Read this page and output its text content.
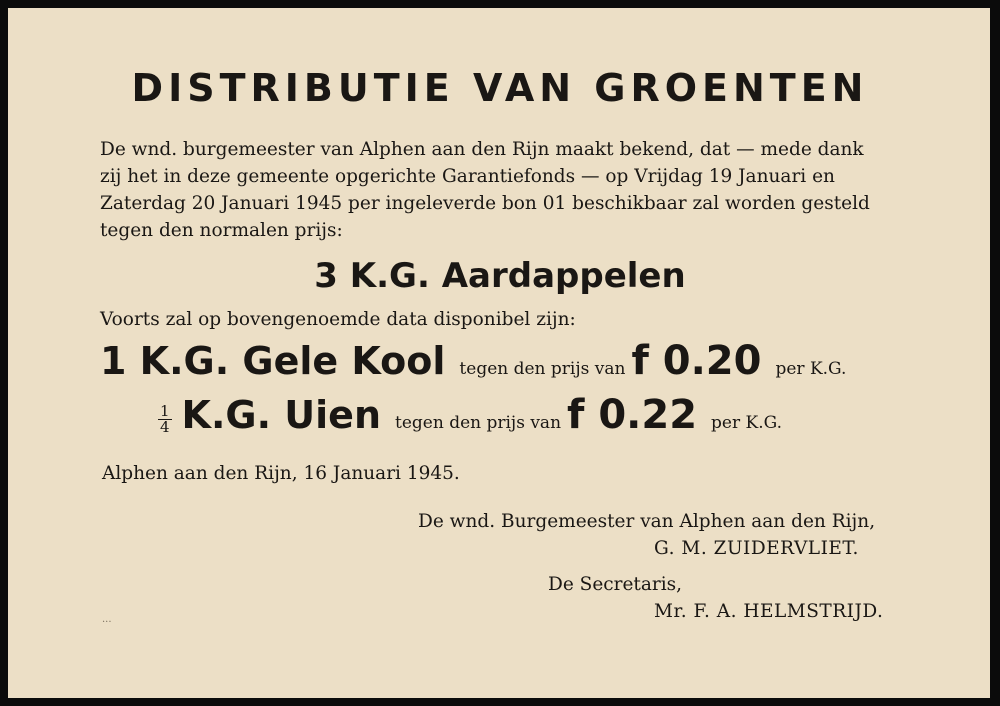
DISTRIBUTIE VAN GROENTEN
De wnd. burgemeester van Alphen aan den Rijn maakt bekend, dat — mede dank
zij het in deze gemeente opgerichte Garantiefonds — op Vrijdag 19 Januari en
Zaterdag 20 Januari 1945 per ingeleverde bon 01 beschikbaar zal worden gesteld
tegen den normalen prijs:
3 K.G. Aardappelen
Voorts zal op bovengenoemde data disponibel zijn:
1 K.G. Gele Kool tegen den prijs van f 0.20 per K.G.
$\frac{1}{4} K.G$. Uien tegen den prijs van f 0.22 per K.G.
Alphen aan den Rijn, 16 Januari 1945.
De wnd. Burgemeester van Alphen aan den Rijn,
G. M. ZUIDERVLIET.
De Secretaris,
Mr. F. A. HELMSTRIJD.
...
